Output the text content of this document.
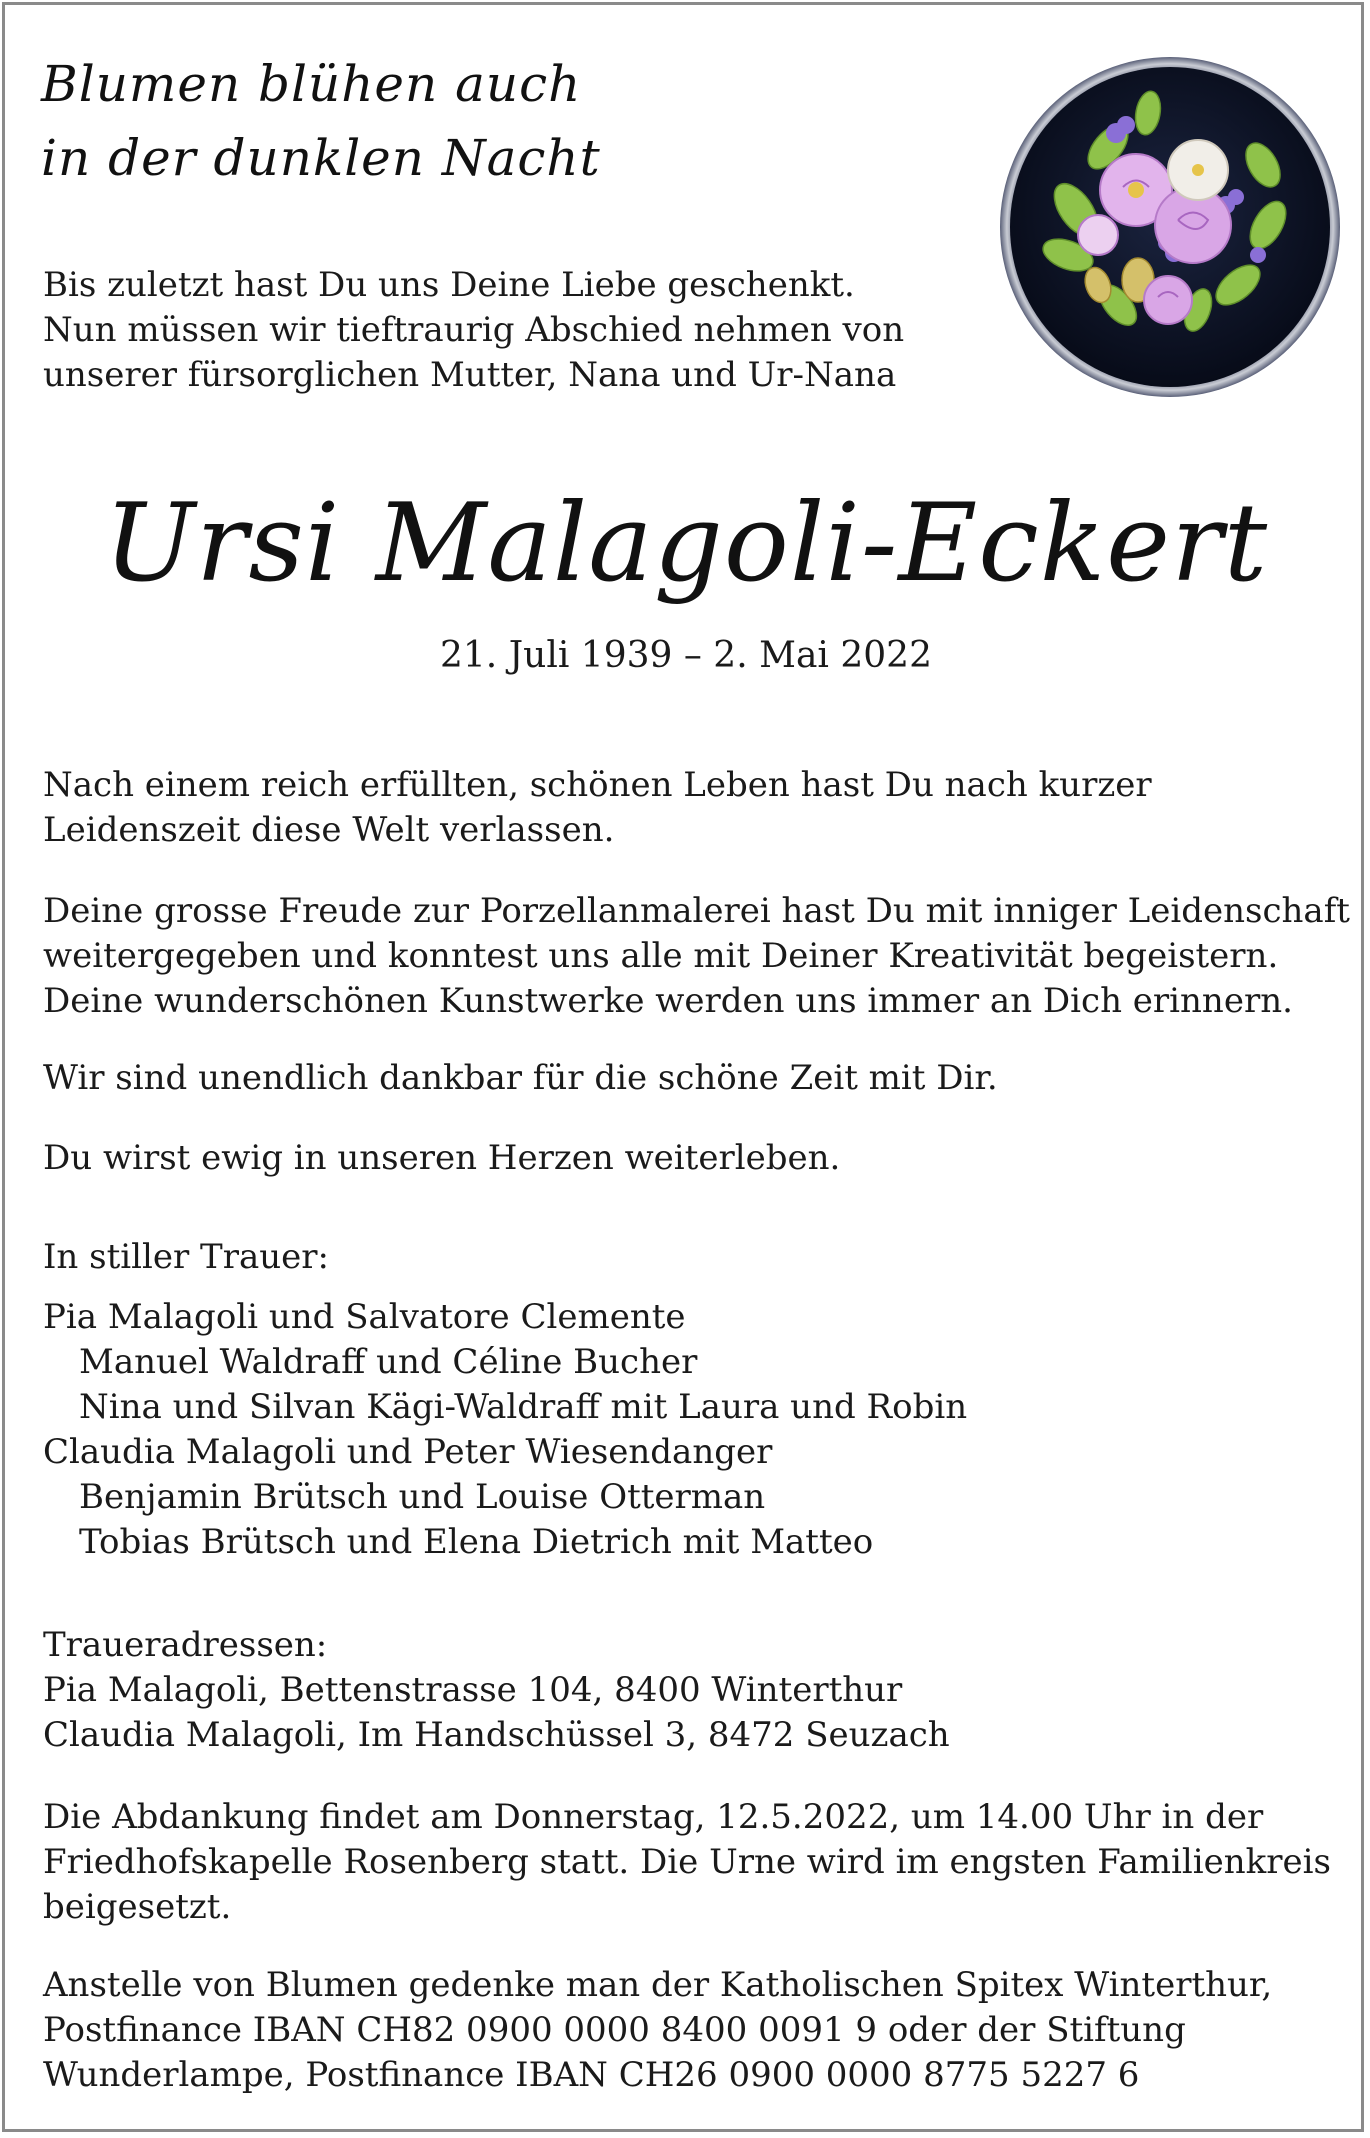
Blumen blühen auch
in der dunklen Nacht
Bis zuletzt hast Du uns Deine Liebe geschenkt.
Nun müssen wir tieftraurig Abschied nehmen von
unserer fürsorglichen Mutter, Nana und Ur-Nana
Ursi Malagoli-Eckert
21. Juli 1939 – 2. Mai 2022
Nach einem reich erfüllten, schönen Leben hast Du nach kurzer
Leidenszeit diese Welt verlassen.
Deine grosse Freude zur Porzellanmalerei hast Du mit inniger Leidenschaft
weitergegeben und konntest uns alle mit Deiner Kreativität begeistern.
Deine wunderschönen Kunstwerke werden uns immer an Dich erinnern.
Wir sind unendlich dankbar für die schöne Zeit mit Dir.
Du wirst ewig in unseren Herzen weiterleben.
In stiller Trauer:
Pia Malagoli und Salvatore Clemente
Manuel Waldraff und Céline Bucher
Nina und Silvan Kägi-Waldraff mit Laura und Robin
Claudia Malagoli und Peter Wiesendanger
Benjamin Brütsch und Louise Otterman
Tobias Brütsch und Elena Dietrich mit Matteo
Traueradressen:
Pia Malagoli, Bettenstrasse 104, 8400 Winterthur
Claudia Malagoli, Im Handschüssel 3, 8472 Seuzach
Die Abdankung findet am Donnerstag, 12.5.2022, um 14.00 Uhr in der
Friedhofskapelle Rosenberg statt. Die Urne wird im engsten Familienkreis
beigesetzt.
Anstelle von Blumen gedenke man der Katholischen Spitex Winterthur,
Postfinance IBAN CH82 0900 0000 8400 0091 9 oder der Stiftung
Wunderlampe, Postfinance IBAN CH26 0900 0000 8775 5227 6
